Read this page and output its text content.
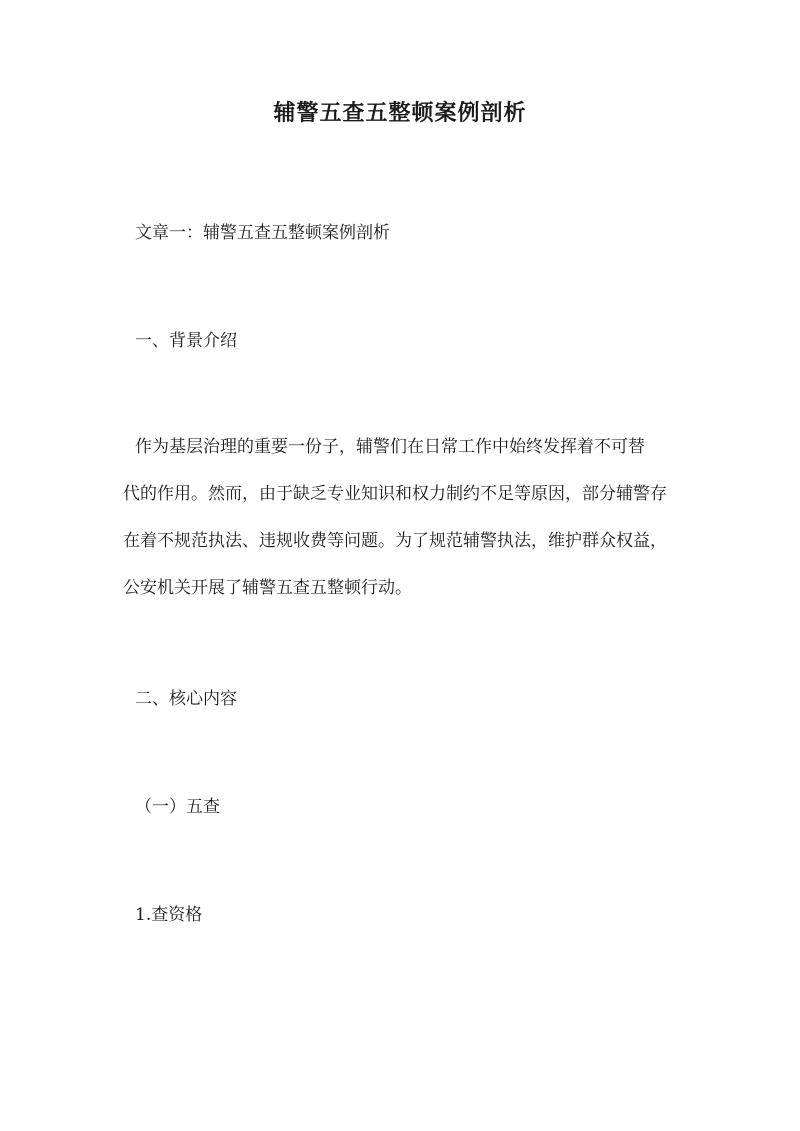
辅警五查五整顿案例剖析
文章一：辅警五查五整顿案例剖析
一、背景介绍

作为基层治理的重要一份子，辅警们在日常工作中始终发挥着不可替

代的作用。然而，由于缺乏专业知识和权力制约不足等原因，部分辅警存

在着不规范执法、违规收费等问题。为了规范辅警执法，维护群众权益，

公安机关开展了辅警五查五整顿行动。

二、核心内容
（一）五查
1.查资格
